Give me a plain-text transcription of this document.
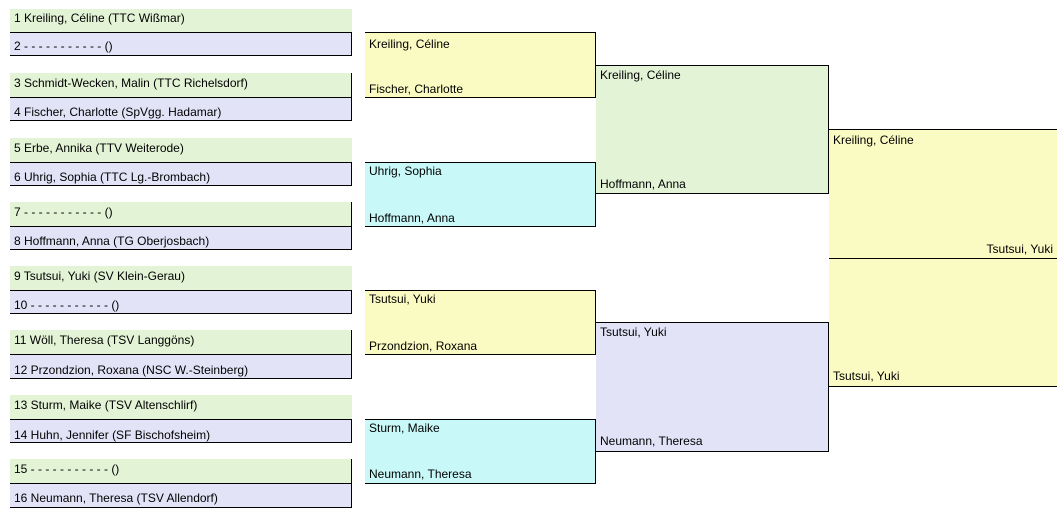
1 Kreiling, Céline (TTC Wißmar)
2 - - - - - - - - - - - ()
3 Schmidt-Wecken, Malin (TTC Richelsdorf)
4 Fischer, Charlotte (SpVgg. Hadamar)
5 Erbe, Annika (TTV Weiterode)
6 Uhrig, Sophia (TTC Lg.-Brombach)
7 - - - - - - - - - - - ()
8 Hoffmann, Anna (TG Oberjosbach)
9 Tsutsui, Yuki (SV Klein-Gerau)
10 - - - - - - - - - - - ()
11 Wöll, Theresa (TSV Langgöns)
12 Przondzion, Roxana (NSC W.-Steinberg)
13 Sturm, Maike (TSV Altenschlirf)
14 Huhn, Jennifer (SF Bischofsheim)
15 - - - - - - - - - - - ()
16 Neumann, Theresa (TSV Allendorf)
Kreiling, Céline
Fischer, Charlotte
Uhrig, Sophia
Hoffmann, Anna
Tsutsui, Yuki
Przondzion, Roxana
Sturm, Maike
Neumann, Theresa
Kreiling, Céline
Hoffmann, Anna
Tsutsui, Yuki
Neumann, Theresa
Kreiling, Céline
Tsutsui, Yuki
Tsutsui, Yuki
